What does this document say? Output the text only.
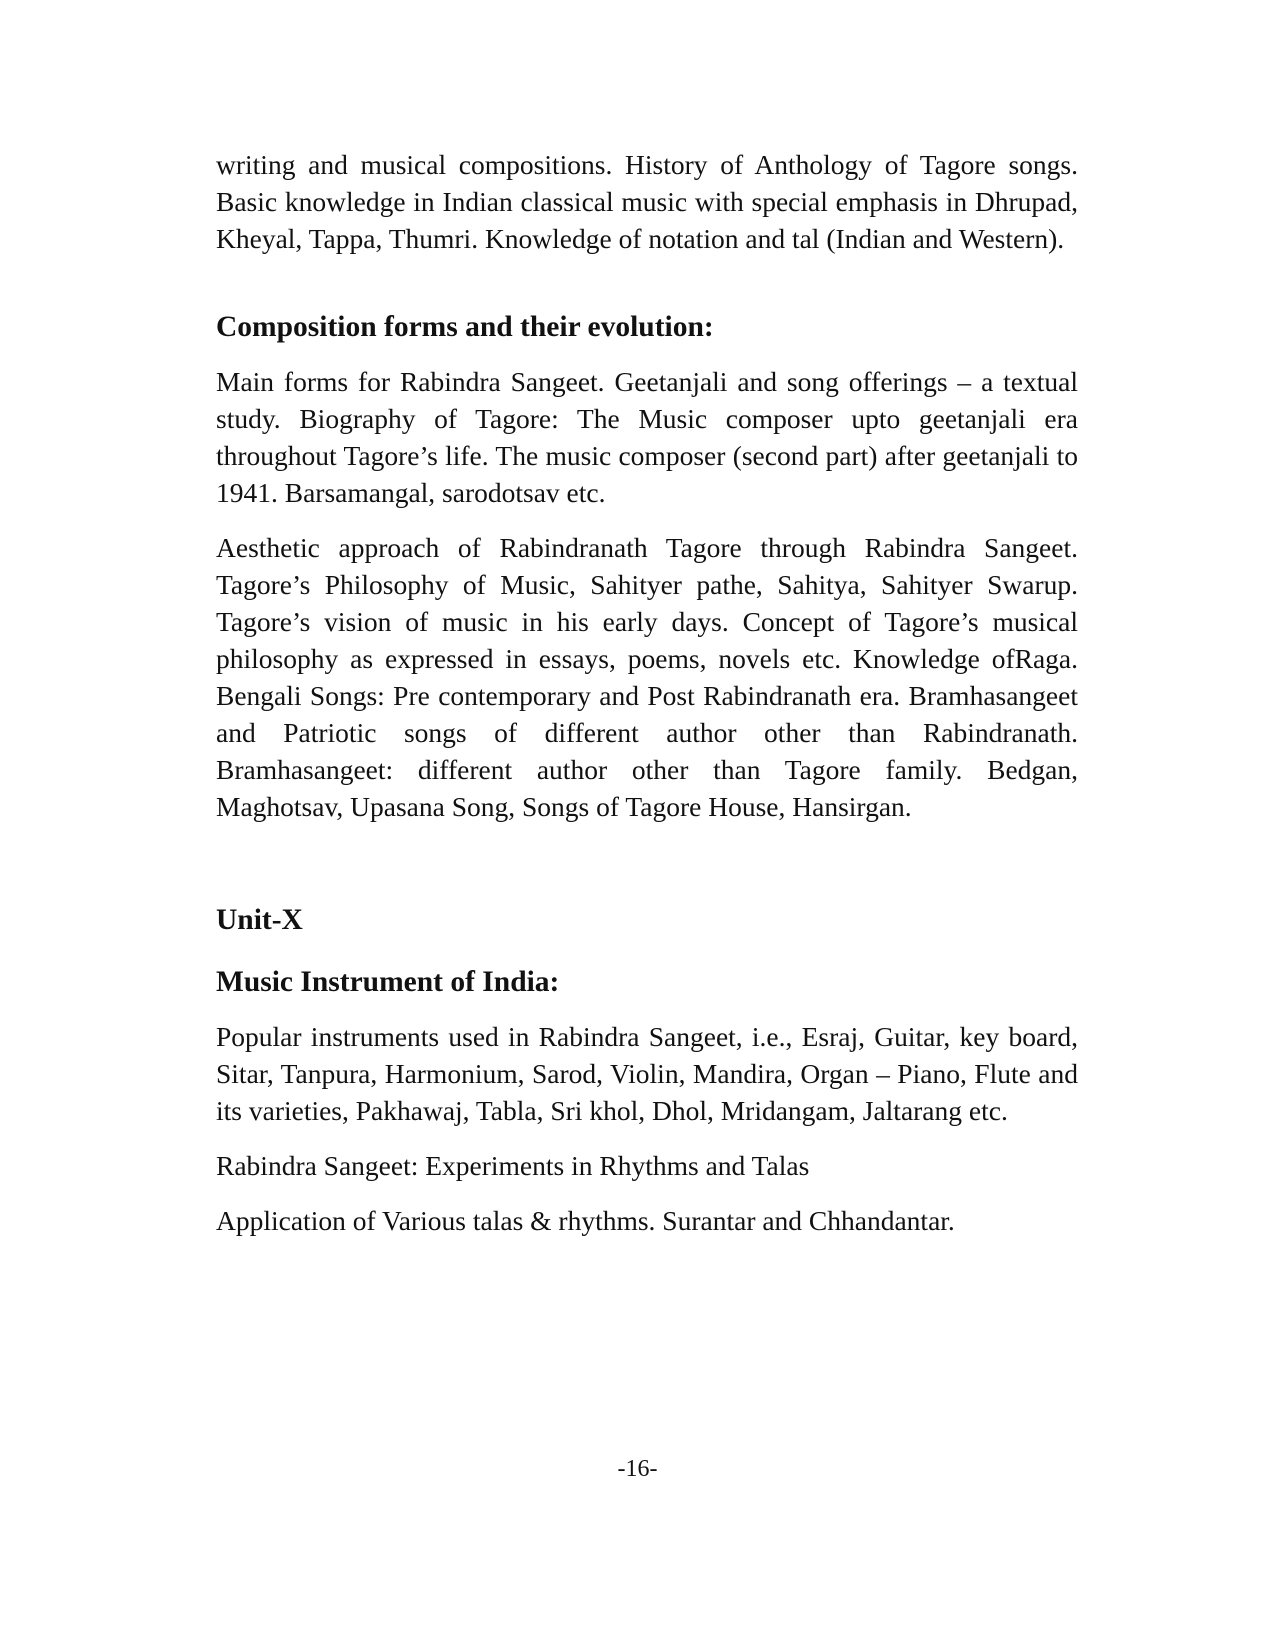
writing and musical compositions. History of Anthology of Tagore songs. Basic knowledge in Indian classical music with special emphasis in Dhrupad, Kheyal, Tappa, Thumri. Knowledge of notation and tal (Indian and Western).

Composition forms and their evolution:

Main forms for Rabindra Sangeet. Geetanjali and song offerings – a textual study. Biography of Tagore: The Music composer upto geetanjali era throughout Tagore’s life. The music composer (second part) after geetanjali to 1941. Barsamangal, sarodotsav etc.

Aesthetic approach of Rabindranath Tagore through Rabindra Sangeet. Tagore’s Philosophy of Music, Sahityer pathe, Sahitya, Sahityer Swarup. Tagore’s vision of music in his early days. Concept of Tagore’s musical philosophy as expressed in essays, poems, novels etc. Knowledge ofRaga. Bengali Songs: Pre contemporary and Post Rabindranath era. Bramhasangeet and Patriotic songs of different author other than Rabindranath. Bramhasangeet: different author other than Tagore family. Bedgan, Maghotsav, Upasana Song, Songs of Tagore House, Hansirgan.

Unit-X
Music Instrument of India:

Popular instruments used in Rabindra Sangeet, i.e., Esraj, Guitar, key board, Sitar, Tanpura, Harmonium, Sarod, Violin, Mandira, Organ – Piano, Flute and its varieties, Pakhawaj, Tabla, Sri khol, Dhol, Mridangam, Jaltarang etc.

Rabindra Sangeet: Experiments in Rhythms and Talas

Application of Various talas & rhythms. Surantar and Chhandantar.

-16-
